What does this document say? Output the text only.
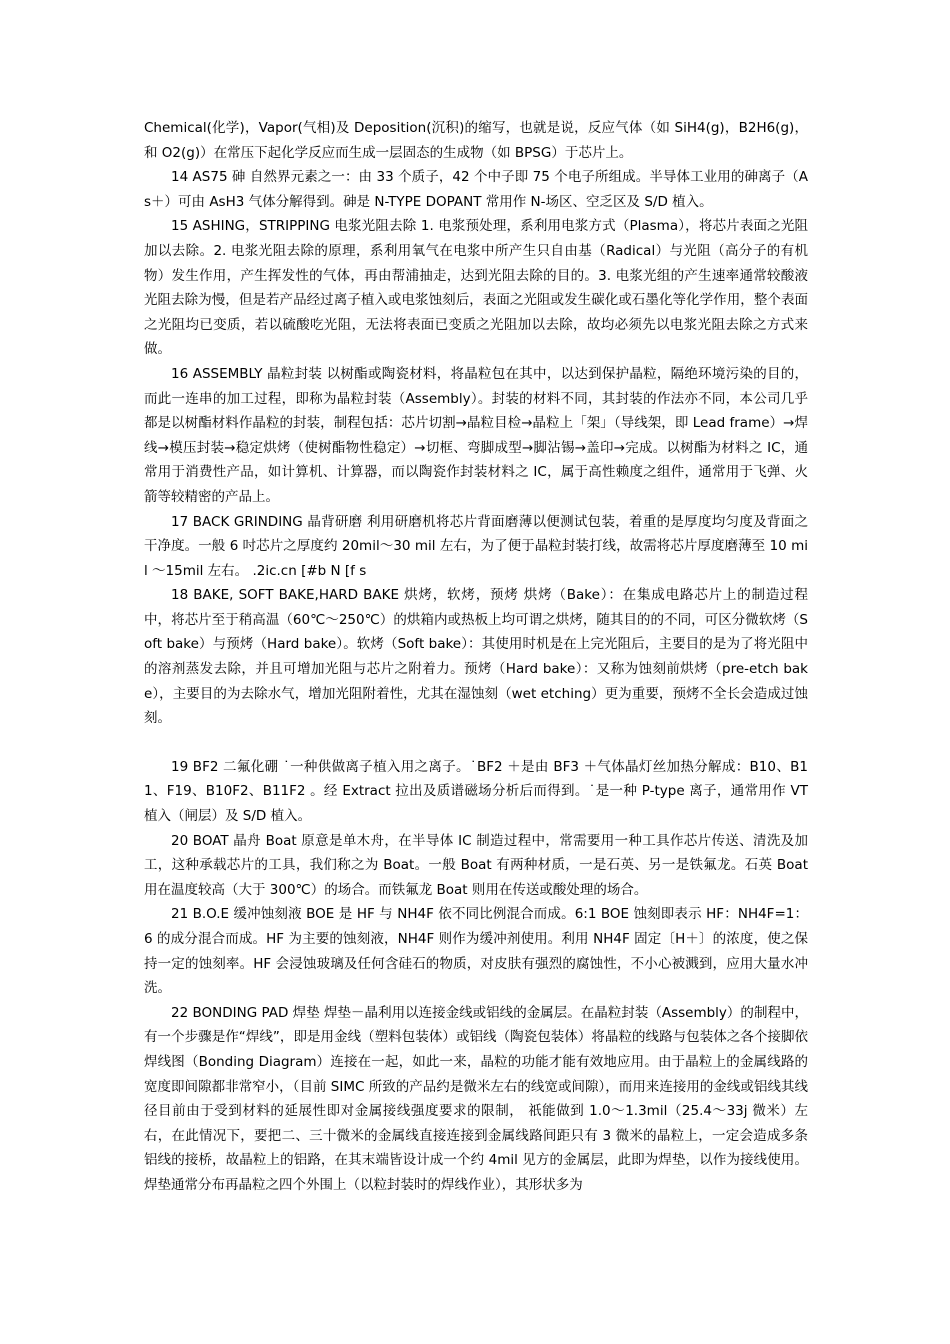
Chemical(化学)，Vapor(气相)及 Deposition(沉积)的缩写，也就是说，反应气体（如 SiH4(g)，B2H6(g)，和 O2(g)）在常压下起化学反应而生成一层固态的生成物（如 BPSG）于芯片上。

14 AS75 砷 自然界元素之一：由 33 个质子，42 个中子即 75 个电子所组成。半导体工业用的砷离子（As＋）可由 AsH3 气体分解得到。砷是 N-TYPE DOPANT 常用作 N-场区、空乏区及 S/D 植入。

15 ASHING，STRIPPING 电浆光阻去除 1. 电浆预处理，系利用电浆方式（Plasma），将芯片表面之光阻加以去除。2. 电浆光阻去除的原理，系利用氧气在电浆中所产生只自由基（Radical）与光阻（高分子的有机物）发生作用，产生挥发性的气体，再由帮浦抽走，达到光阻去除的目的。3. 电浆光组的产生速率通常较酸液光阻去除为慢，但是若产品经过离子植入或电浆蚀刻后，表面之光阻或发生碳化或石墨化等化学作用，整个表面之光阻均已变质，若以硫酸吃光阻，无法将表面已变质之光阻加以去除，故均必须先以电浆光阻去除之方式来做。

16 ASSEMBLY 晶粒封装 以树酯或陶瓷材料，将晶粒包在其中，以达到保护晶粒，隔绝环境污染的目的，而此一连串的加工过程，即称为晶粒封装（Assembly）。封装的材料不同，其封装的作法亦不同，本公司几乎都是以树酯材料作晶粒的封装，制程包括：芯片切割→晶粒目检→晶粒上「架」（导线架，即 Lead frame）→焊线→模压封装→稳定烘烤（使树酯物性稳定）→切框、弯脚成型→脚沾锡→盖印→完成。以树酯为材料之 IC，通常用于消费性产品，如计算机、计算器，而以陶瓷作封装材料之 IC，属于高性赖度之组件，通常用于飞弹、火箭等较精密的产品上。

17 BACK GRINDING 晶背研磨 利用研磨机将芯片背面磨薄以便测试包装，着重的是厚度均匀度及背面之干净度。一般 6 吋芯片之厚度约 20mil～30 mil 左右，为了便于晶粒封装打线，故需将芯片厚度磨薄至 10 mil ～15mil 左右。 .2ic.cn [#b N [f s

18 BAKE, SOFT BAKE,HARD BAKE 烘烤，软烤，预烤 烘烤（Bake）：在集成电路芯片上的制造过程中，将芯片至于稍高温（60℃～250℃）的烘箱内或热板上均可谓之烘烤，随其目的的不同，可区分微软烤（Soft bake）与预烤（Hard bake）。软烤（Soft bake）：其使用时机是在上完光阻后，主要目的是为了将光阻中的溶剂蒸发去除，并且可增加光阻与芯片之附着力。预烤（Hard bake）：又称为蚀刻前烘烤（pre-etch bake），主要目的为去除水气，增加光阻附着性，尤其在湿蚀刻（wet etching）更为重要，预烤不全长会造成过蚀刻。

19 BF2 二氟化硼 ˙一种供做离子植入用之离子。˙BF2 ＋是由 BF3 ＋气体晶灯丝加热分解成：B10、B11、F19、B10F2、B11F2 。经 Extract 拉出及质谱磁场分析后而得到。˙是一种 P-type 离子，通常用作 VT 植入（闸层）及 S/D 植入。

20 BOAT 晶舟 Boat 原意是单木舟，在半导体 IC 制造过程中，常需要用一种工具作芯片传送、清洗及加工，这种承载芯片的工具，我们称之为 Boat。一般 Boat 有两种材质，一是石英、另一是铁氟龙。石英 Boat 用在温度较高（大于 300℃）的场合。而铁氟龙 Boat 则用在传送或酸处理的场合。

21 B.O.E 缓冲蚀刻液 BOE 是 HF 与 NH4F 依不同比例混合而成。6:1 BOE 蚀刻即表示 HF：NH4F=1：6 的成分混合而成。HF 为主要的蚀刻液，NH4F 则作为缓冲剂使用。利用 NH4F 固定〔H＋〕的浓度，使之保持一定的蚀刻率。HF 会浸蚀玻璃及任何含硅石的物质，对皮肤有强烈的腐蚀性，不小心被溅到，应用大量水冲洗。

22 BONDING PAD 焊垫 焊垫－晶利用以连接金线或铝线的金属层。在晶粒封装（Assembly）的制程中，有一个步骤是作“焊线”，即是用金线（塑料包装体）或铝线（陶瓷包装体）将晶粒的线路与包装体之各个接脚依焊线图（Bonding Diagram）连接在一起，如此一来，晶粒的功能才能有效地应用。由于晶粒上的金属线路的宽度即间隙都非常窄小，（目前 SIMC 所致的产品约是微米左右的线宽或间隙），而用来连接用的金线或铝线其线径目前由于受到材料的延展性即对金属接线强度要求的限制， 祇能做到 1.0～1.3mil（25.4～33j 微米）左右，在此情况下，要把二、三十微米的金属线直接连接到金属线路间距只有 3 微米的晶粒上，一定会造成多条铝线的接桥，故晶粒上的铝路，在其末端皆设计成一个约 4mil 见方的金属层，此即为焊垫，以作为接线使用。焊垫通常分布再晶粒之四个外围上（以粒封装时的焊线作业），其形状多为
